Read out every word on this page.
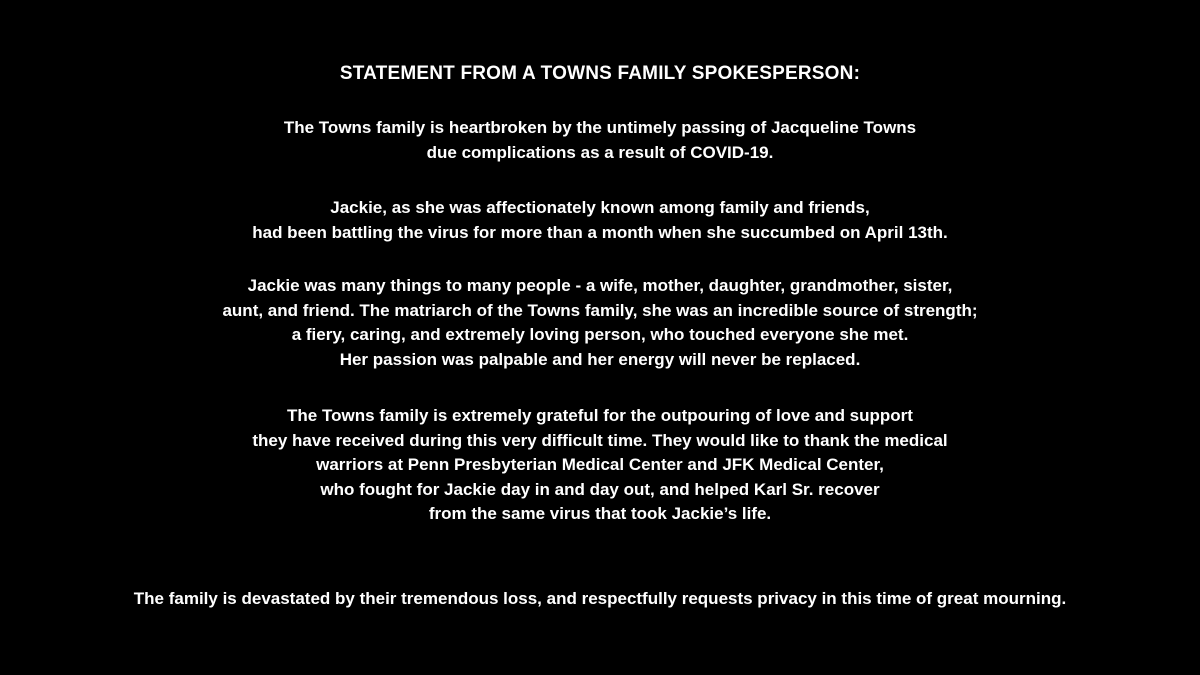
STATEMENT FROM A TOWNS FAMILY SPOKESPERSON:
The Towns family is heartbroken by the untimely passing of Jacqueline Towns
due complications as a result of COVID-19.
Jackie, as she was affectionately known among family and friends,
had been battling the virus for more than a month when she succumbed on April 13th.
Jackie was many things to many people - a wife, mother, daughter, grandmother, sister,
aunt, and friend. The matriarch of the Towns family, she was an incredible source of strength;
a fiery, caring, and extremely loving person, who touched everyone she met.
Her passion was palpable and her energy will never be replaced.
The Towns family is extremely grateful for the outpouring of love and support
they have received during this very difficult time. They would like to thank the medical
warriors at Penn Presbyterian Medical Center and JFK Medical Center,
who fought for Jackie day in and day out, and helped Karl Sr. recover
from the same virus that took Jackie’s life.
The family is devastated by their tremendous loss, and respectfully requests privacy in this time of great mourning.
